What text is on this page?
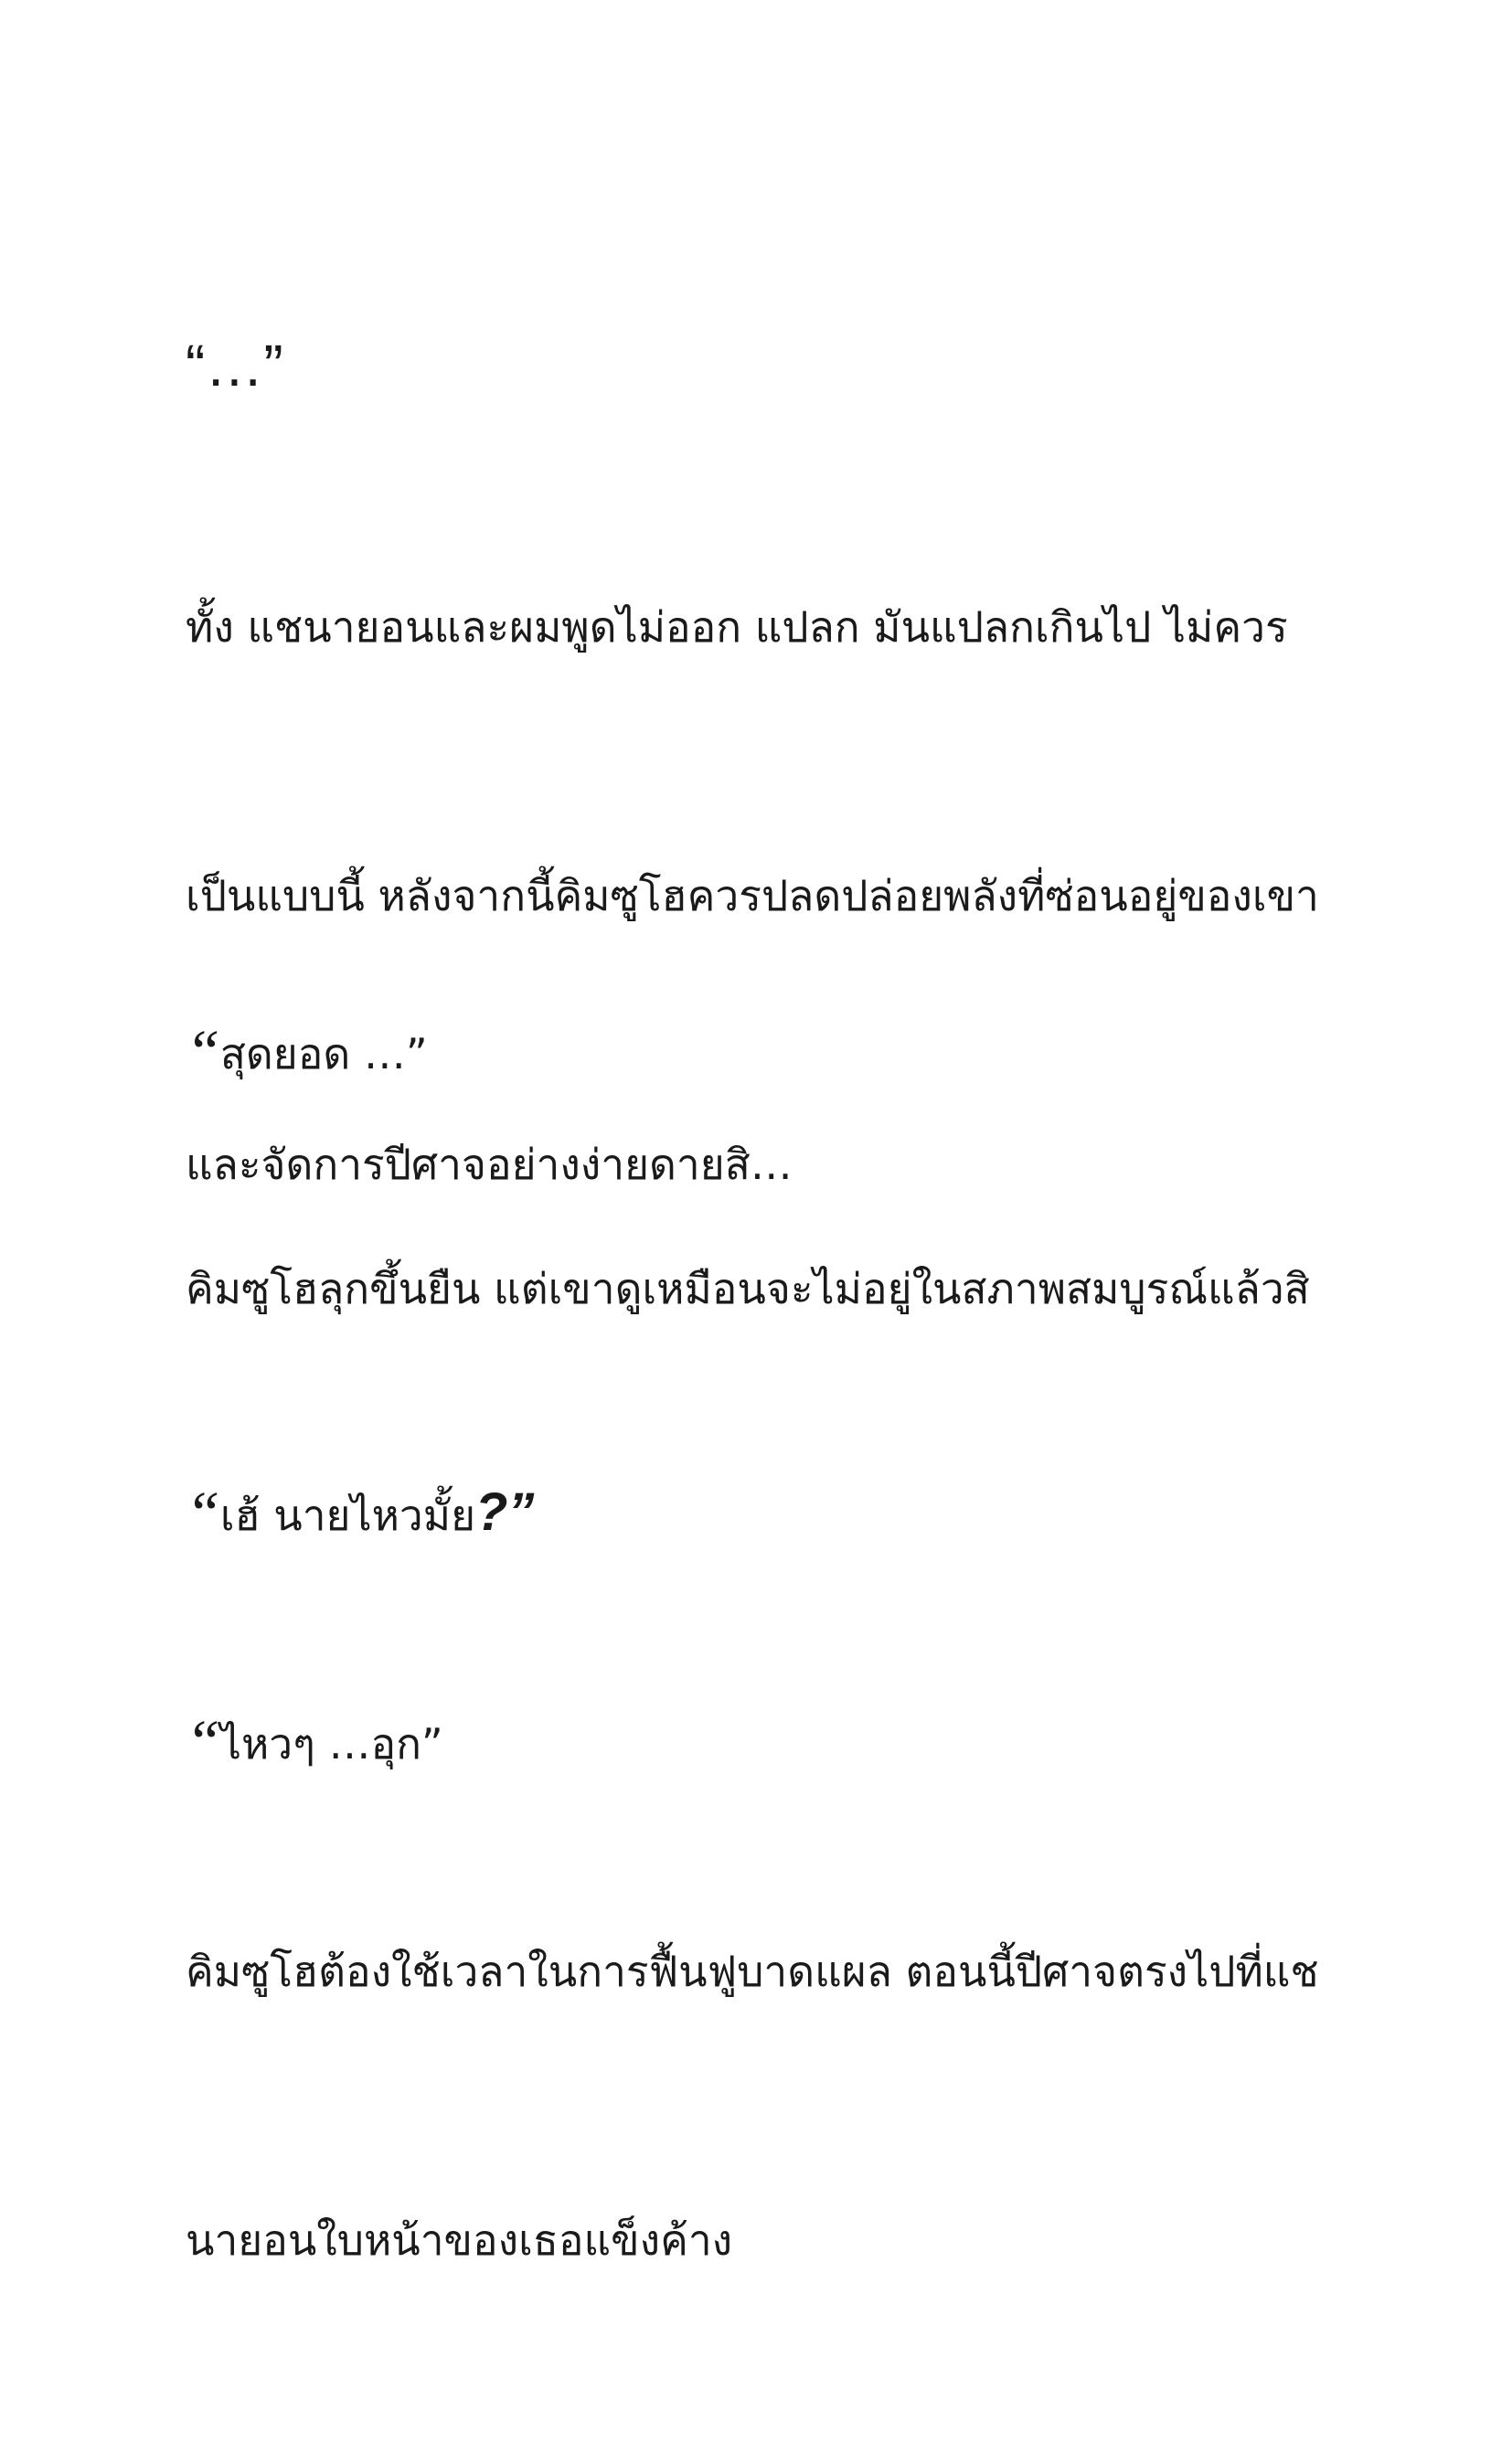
“…”

ทั้ง แชนายอนและผมพูดไม่ออก แปลก มันแปลกเกินไป ไม่ควร

เป็นแบบนี้ หลังจากนี้คิมซูโฮควรปลดปล่อยพลังที่ซ่อนอยู่ของเขา

และจัดการปีศาจอย่างง่ายดายสิ…

“สุดยอด …”

คิมซูโฮลุกขึ้นยืน แต่เขาดูเหมือนจะไม่อยู่ในสภาพสมบูรณ์แล้วสิ

“เฮ้ นายไหวมั้ย?”

“ไหวๆ …อุก”

คิมซูโฮต้องใช้เวลาในการฟื้นฟูบาดแผล ตอนนี้ปีศาจตรงไปที่แช

นายอนใบหน้าของเธอแข็งค้าง
